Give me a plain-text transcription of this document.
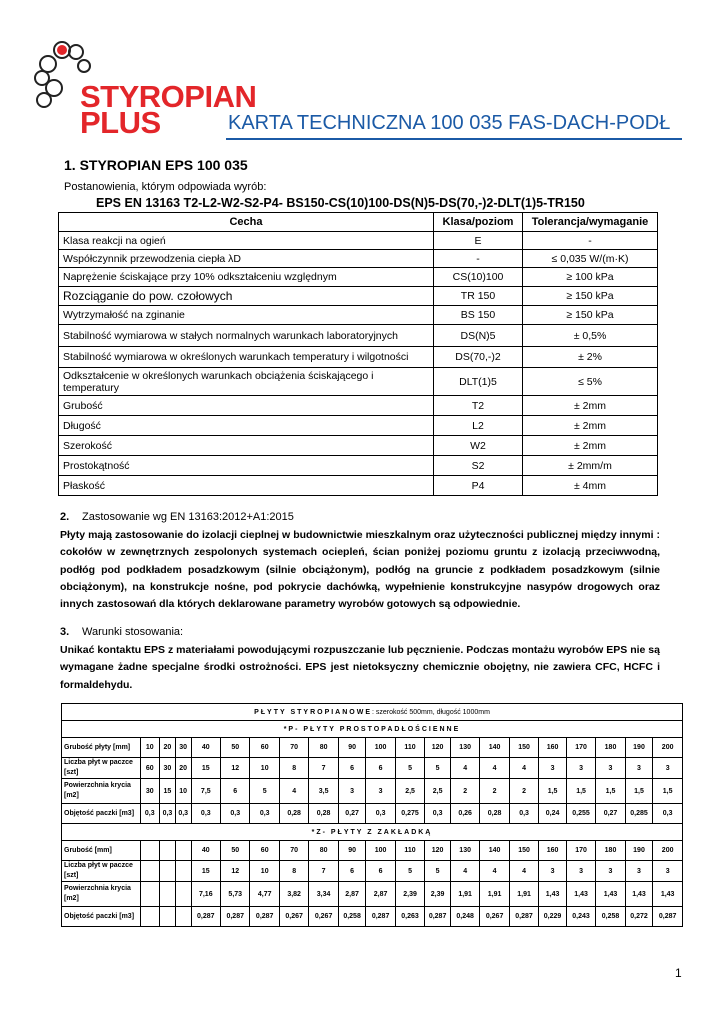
STYROPIAN
PLUS	KARTA TECHNICZNA 100 035 FAS-DACH-PODŁ
1. STYROPIAN EPS 100 035
Postanowienia, którym odpowiada wyrób:
EPS EN 13163 T2-L2-W2-S2-P4- BS150-CS(10)100-DS(N)5-DS(70,-)2-DLT(1)5-TR150
Cecha	Klasa/poziom	Tolerancja/wymaganie
Klasa reakcji na ogień	E	-
Współczynnik przewodzenia ciepła λD	-	≤ 0,035 W/(m·K)
Naprężenie ściskające przy 10% odkształceniu względnym	CS(10)100	≥ 100 kPa
Rozciąganie do pow. czołowych	TR 150	≥ 150 kPa
Wytrzymałość na zginanie	BS 150	≥ 150 kPa
Stabilność wymiarowa w stałych normalnych warunkach laboratoryjnych	DS(N)5	± 0,5%
Stabilność wymiarowa w określonych warunkach temperatury i wilgotności	DS(70,-)2	± 2%
Odkształcenie w określonych warunkach obciążenia ściskającego i temperatury	DLT(1)5	≤ 5%
Grubość	T2	± 2mm
Długość	L2	± 2mm
Szerokość	W2	± 2mm
Prostokątność	S2	± 2mm/m
Płaskość	P4	± 4mm
2. Zastosowanie wg EN 13163:2012+A1:2015
Płyty mają zastosowanie do izolacji cieplnej w budownictwie mieszkalnym oraz użyteczności publicznej między innymi : cokołów w zewnętrznych zespolonych systemach ociepleń, ścian poniżej poziomu gruntu z izolacją przeciwwodną, podłóg pod podkładem posadzkowym (silnie obciążonym), podłóg na gruncie z podkładem posadzkowym (silnie obciążonym), na konstrukcje nośne, pod pokrycie dachówką, wypełnienie konstrukcyjne nasypów drogowych oraz innych zastosowań dla których deklarowane parametry wyrobów gotowych są odpowiednie.
3. Warunki stosowania:
Unikać kontaktu EPS z materiałami powodującymi rozpuszczanie lub pęcznienie. Podczas montażu wyrobów EPS nie są wymagane żadne specjalne środki ostrożności. EPS jest nietoksyczny chemicznie obojętny, nie zawiera CFC, HCFC i formaldehydu.
PŁYTY STYROPIANOWE: szerokość 500mm, długość 1000mm																				
*P- PŁYTY PROSTOPADŁOŚCIENNE																				
Grubość płyty [mm]	10	20	30	40	50	60	70	80	90	100	110	120	130	140	150	160	170	180	190	200
Liczba płyt w paczce [szt]	60	30	20	15	12	10	8	7	6	6	5	5	4	4	4	3	3	3	3	3
Powierzchnia krycia [m2]	30	15	10	7,5	6	5	4	3,5	3	3	2,5	2,5	2	2	2	1,5	1,5	1,5	1,5	1,5
Objętość paczki [m3]	0,3	0,3	0,3	0,3	0,3	0,3	0,28	0,28	0,27	0,3	0,275	0,3	0,26	0,28	0,3	0,24	0,255	0,27	0,285	0,3
*Z- PŁYTY Z ZAKŁADKĄ																				
Grubość [mm]				40	50	60	70	80	90	100	110	120	130	140	150	160	170	180	190	200
Liczba płyt w paczce [szt]				15	12	10	8	7	6	6	5	5	4	4	4	3	3	3	3	3
Powierzchnia krycia [m2]				7,16	5,73	4,77	3,82	3,34	2,87	2,87	2,39	2,39	1,91	1,91	1,91	1,43	1,43	1,43	1,43	1,43
Objętość paczki [m3]				0,287	0,287	0,287	0,267	0,267	0,258	0,287	0,263	0,287	0,248	0,267	0,287	0,229	0,243	0,258	0,272	0,287
1
